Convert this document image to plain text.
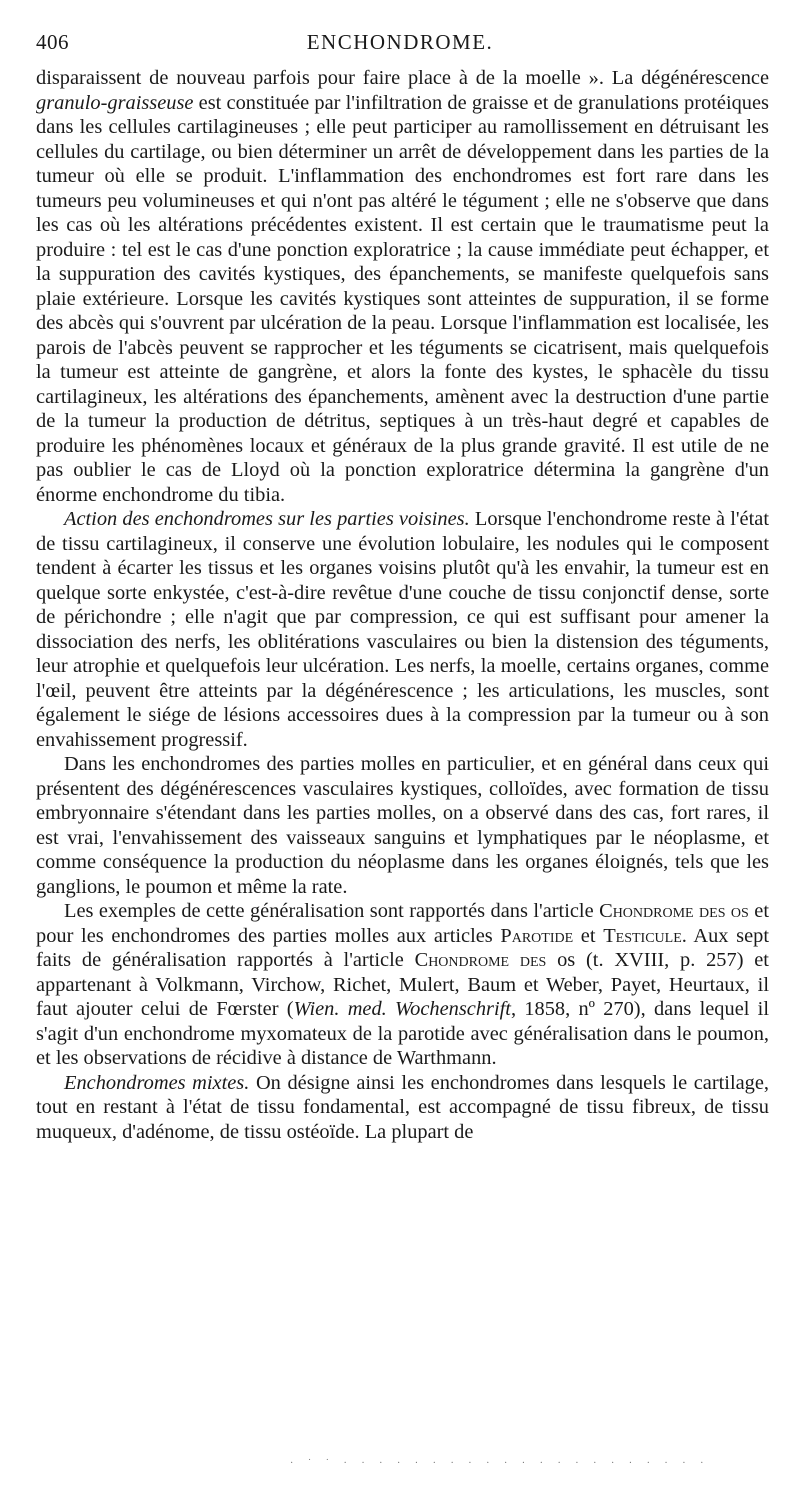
406	ENCHONDROME.

disparaissent de nouveau parfois pour faire place à de la moelle ». La dégénérescence granulo-graisseuse est constituée par l'infiltration de graisse et de granulations protéiques dans les cellules cartilagineuses ; elle peut participer au ramollissement en détruisant les cellules du cartilage, ou bien déterminer un arrêt de développement dans les parties de la tumeur où elle se produit. L'inflammation des enchondromes est fort rare dans les tumeurs peu volumineuses et qui n'ont pas altéré le tégument ; elle ne s'observe que dans les cas où les altérations précédentes existent. Il est certain que le traumatisme peut la produire : tel est le cas d'une ponction exploratrice ; la cause immédiate peut échapper, et la suppuration des cavités kystiques, des épanchements, se manifeste quelquefois sans plaie extérieure. Lorsque les cavités kystiques sont atteintes de suppuration, il se forme des abcès qui s'ouvrent par ulcération de la peau. Lorsque l'inflammation est localisée, les parois de l'abcès peuvent se rapprocher et les téguments se cicatrisent, mais quelquefois la tumeur est atteinte de gangrène, et alors la fonte des kystes, le sphacèle du tissu cartilagineux, les altérations des épanchements, amènent avec la destruction d'une partie de la tumeur la production de détritus, septiques à un très-haut degré et capables de produire les phénomènes locaux et généraux de la plus grande gravité. Il est utile de ne pas oublier le cas de Lloyd où la ponction exploratrice détermina la gangrène d'un énorme enchondrome du tibia.

Action des enchondromes sur les parties voisines. Lorsque l'enchondrome reste à l'état de tissu cartilagineux, il conserve une évolution lobulaire, les nodules qui le composent tendent à écarter les tissus et les organes voisins plutôt qu'à les envahir, la tumeur est en quelque sorte enkystée, c'est-à-dire revêtue d'une couche de tissu conjonctif dense, sorte de périchondre ; elle n'agit que par compression, ce qui est suffisant pour amener la dissociation des nerfs, les oblitérations vasculaires ou bien la distension des téguments, leur atrophie et quelquefois leur ulcération. Les nerfs, la moelle, certains organes, comme l'œil, peuvent être atteints par la dégénérescence ; les articulations, les muscles, sont également le siége de lésions accessoires dues à la compression par la tumeur ou à son envahissement progressif.

Dans les enchondromes des parties molles en particulier, et en général dans ceux qui présentent des dégénérescences vasculaires kystiques, colloïdes, avec formation de tissu embryonnaire s'étendant dans les parties molles, on a observé dans des cas, fort rares, il est vrai, l'envahissement des vaisseaux sanguins et lymphatiques par le néoplasme, et comme conséquence la production du néoplasme dans les organes éloignés, tels que les ganglions, le poumon et même la rate.

Les exemples de cette généralisation sont rapportés dans l'article Chondrome des os et pour les enchondromes des parties molles aux articles Parotide et Testicule. Aux sept faits de généralisation rapportés à l'article Chondrome des os (t. XVIII, p. 257) et appartenant à Volkmann, Virchow, Richet, Mulert, Baum et Weber, Payet, Heurtaux, il faut ajouter celui de Fœrster (Wien. med. Wochenschrift, 1858, nº 270), dans lequel il s'agit d'un enchondrome myxomateux de la parotide avec généralisation dans le poumon, et les observations de récidive à distance de Warthmann.

Enchondromes mixtes. On désigne ainsi les enchondromes dans lesquels le cartilage, tout en restant à l'état de tissu fondamental, est accompagné de tissu fibreux, de tissu muqueux, d'adénome, de tissu ostéoïde. La plupart de

· ˙ ˙ · · · · · · · · · · · · · · · · · · · · ·
